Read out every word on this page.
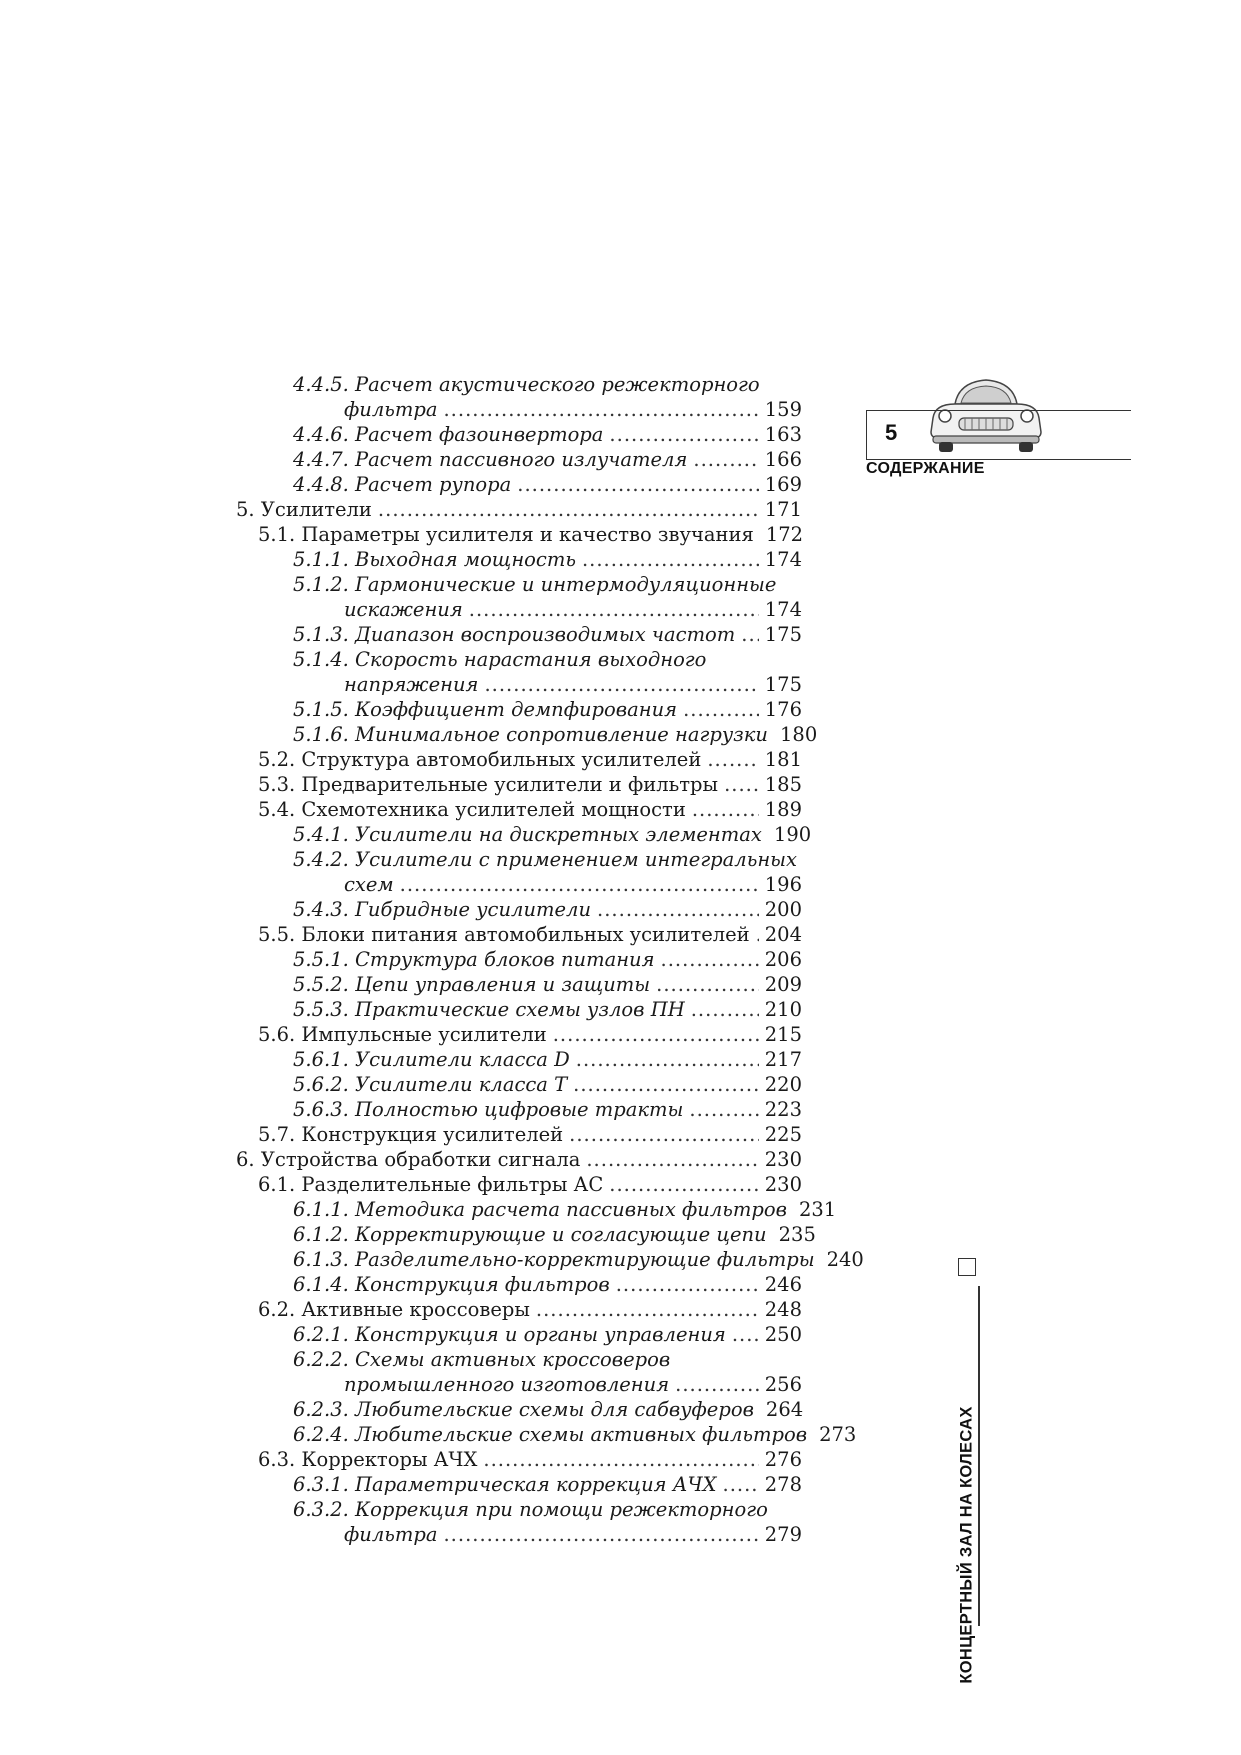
4.4.5. Расчет акустического режекторного
фильтра .....	159
4.4.6. Расчет фазоинвертора .....	163
4.4.7. Расчет пассивного излучателя .....	166
4.4.8. Расчет рупора .....	169
5. Усилители .....	171
5.1. Параметры усилителя и качество звучания 172
5.1.1. Выходная мощность .....	174
5.1.2. Гармонические и интермодуляционные
искажения .....	174
5.1.3. Диапазон воспроизводимых частот ..... 175
5.1.4. Скорость нарастания выходного
напряжения .....	175
5.1.5. Коэффициент демпфирования .....	176
5.1.6. Минимальное сопротивление нагрузки 180
5.2. Структура автомобильных усилителей .....	181
5.3. Предварительные усилители и фильтры ..... 185
5.4. Схемотехника усилителей мощности .....	189
5.4.1. Усилители на дискретных элементах 190
5.4.2. Усилители с применением интегральных
схем .....	196
5.4.3. Гибридные усилители .....	200
5.5. Блоки питания автомобильных усилителей ..... 204
5.5.1. Структура блоков питания .....	206
5.5.2. Цепи управления и защиты .....	209
5.5.3. Практические схемы узлов ПН .....	210
5.6. Импульсные усилители .....	215
5.6.1. Усилители класса D .....	217
5.6.2. Усилители класса T .....	220
5.6.3. Полностью цифровые тракты .....	223
5.7. Конструкция усилителей .....	225
6. Устройства обработки сигнала .....	230
6.1. Разделительные фильтры АС .....	230
6.1.1. Методика расчета пассивных фильтров 231
6.1.2. Корректирующие и согласующие цепи 235
6.1.3. Разделительно-корректирующие фильтры 240
6.1.4. Конструкция фильтров .....	246
6.2. Активные кроссоверы .....	248
6.2.1. Конструкция и органы управления ..... 250
6.2.2. Схемы активных кроссоверов
промышленного изготовления .....	256
6.2.3. Любительские схемы для сабвуферов 264
6.2.4. Любительские схемы активных фильтров 273
6.3. Корректоры АЧХ .....	276
6.3.1. Параметрическая коррекция АЧХ ..... 278
6.3.2. Коррекция при помощи режекторного
фильтра .....	279
5
СОДЕРЖАНИЕ
КОНЦЕРТНЫЙ ЗАЛ НА КОЛЕСАХ
